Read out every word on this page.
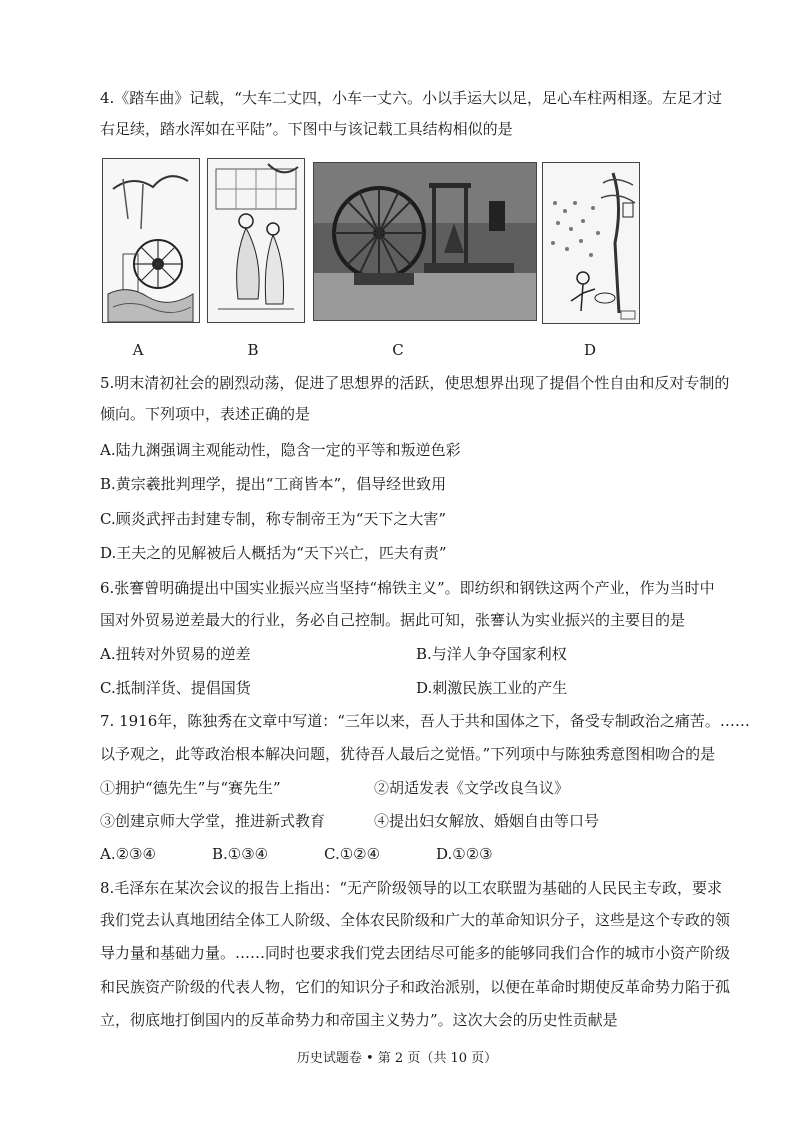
4.《踏车曲》记载，“大车二丈四，小车一丈六。小以手运大以足，足心车柱两相逐。左足才过
右足续，踏水浑如在平陆”。下图中与该记载工具结构相似的是
A	B	C	D
5.明末清初社会的剧烈动荡，促进了思想界的活跃，使思想界出现了提倡个性自由和反对专制的
倾向。下列项中，表述正确的是
A.陆九渊强调主观能动性，隐含一定的平等和叛逆色彩
B.黄宗羲批判理学，提出“工商皆本”，倡导经世致用
C.顾炎武抨击封建专制，称专制帝王为“天下之大害”
D.王夫之的见解被后人概括为“天下兴亡，匹夫有责”
6.张謇曾明确提出中国实业振兴应当坚持“棉铁主义”。即纺织和钢铁这两个产业，作为当时中
国对外贸易逆差最大的行业，务必自己控制。据此可知，张謇认为实业振兴的主要目的是
A.扭转对外贸易的逆差	B.与洋人争夺国家利权
C.抵制洋货、提倡国货	D.刺激民族工业的产生
7. 1916年，陈独秀在文章中写道：“三年以来，吾人于共和国体之下，备受专制政治之痛苦。……
以予观之，此等政治根本解决问题，犹待吾人最后之觉悟。”下列项中与陈独秀意图相吻合的是
①拥护“德先生”与“赛先生”	②胡适发表《文学改良刍议》
③创建京师大学堂，推进新式教育	④提出妇女解放、婚姻自由等口号
A.②③④	B.①③④	C.①②④	D.①②③
8.毛泽东在某次会议的报告上指出：“无产阶级领导的以工农联盟为基础的人民民主专政，要求
我们党去认真地团结全体工人阶级、全体农民阶级和广大的革命知识分子，这些是这个专政的领
导力量和基础力量。……同时也要求我们党去团结尽可能多的能够同我们合作的城市小资产阶级
和民族资产阶级的代表人物，它们的知识分子和政治派别，以便在革命时期使反革命势力陷于孤
立，彻底地打倒国内的反革命势力和帝国主义势力”。这次大会的历史性贡献是
历史试题卷 • 第 2 页（共 10 页）
